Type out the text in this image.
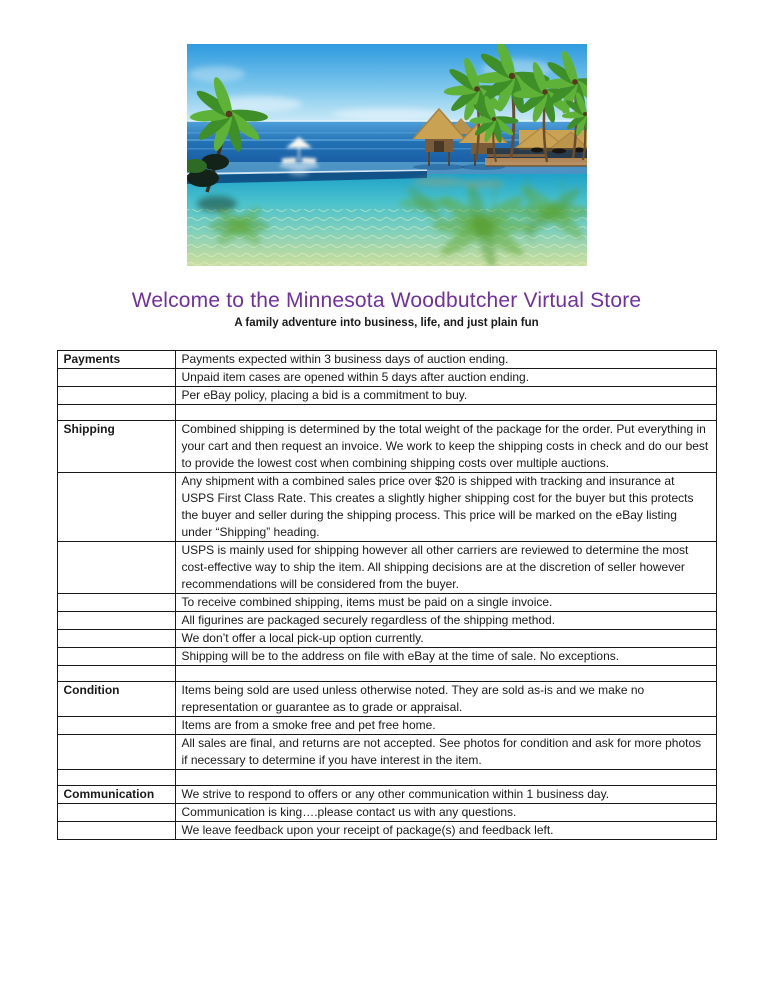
Welcome to the Minnesota Woodbutcher Virtual Store
A family adventure into business, life, and just plain fun
Payments	Payments expected within 3 business days of auction ending.
	Unpaid item cases are opened within 5 days after auction ending.
	Per eBay policy, placing a bid is a commitment to buy.

Shipping	Combined shipping is determined by the total weight of the package for the order. Put everything in your cart and then request an invoice. We work to keep the shipping costs in check and do our best to provide the lowest cost when combining shipping costs over multiple auctions.
	Any shipment with a combined sales price over $20 is shipped with tracking and insurance at USPS First Class Rate. This creates a slightly higher shipping cost for the buyer but this protects the buyer and seller during the shipping process. This price will be marked on the eBay listing under “Shipping” heading.
	USPS is mainly used for shipping however all other carriers are reviewed to determine the most cost-effective way to ship the item. All shipping decisions are at the discretion of seller however recommendations will be considered from the buyer.
	To receive combined shipping, items must be paid on a single invoice.
	All figurines are packaged securely regardless of the shipping method.
	We don’t offer a local pick-up option currently.
	Shipping will be to the address on file with eBay at the time of sale. No exceptions.

Condition	Items being sold are used unless otherwise noted. They are sold as-is and we make no representation or guarantee as to grade or appraisal.
	Items are from a smoke free and pet free home.
	All sales are final, and returns are not accepted. See photos for condition and ask for more photos if necessary to determine if you have interest in the item.

Communication	We strive to respond to offers or any other communication within 1 business day.
	Communication is king….please contact us with any questions.
	We leave feedback upon your receipt of package(s) and feedback left.
